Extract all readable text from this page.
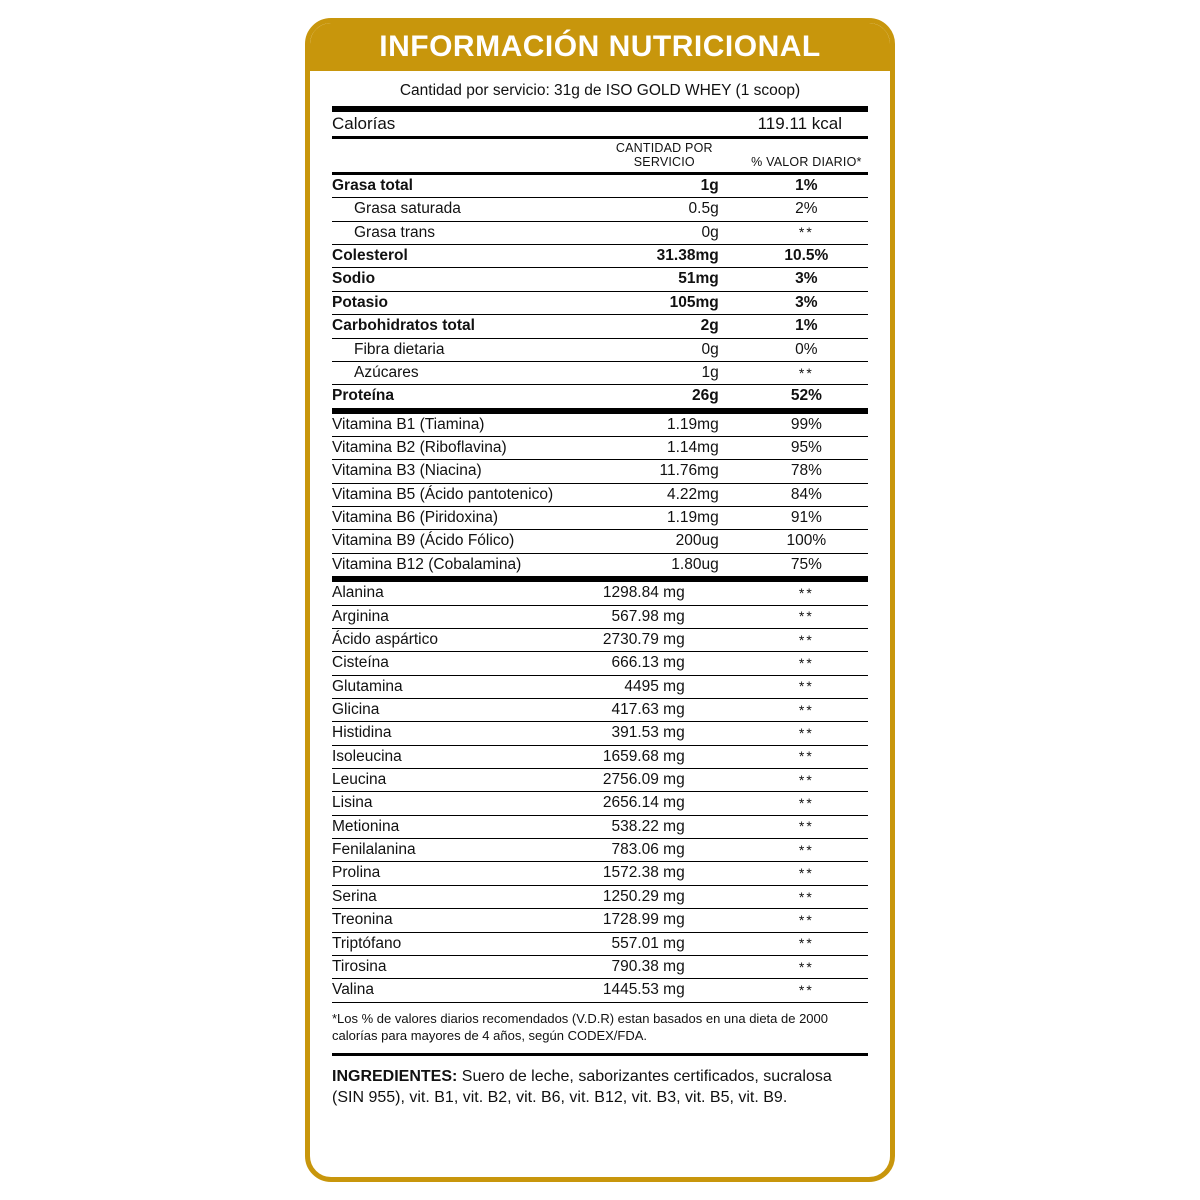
INFORMACIÓN NUTRICIONAL
Cantidad por servicio: 31g de ISO GOLD WHEY (1 scoop)
Calorías	119.11 kcal	
	CANTIDAD POR SERVICIO	% VALOR DIARIO*
Grasa total	1g	1%
Grasa saturada	0.5g	2%
Grasa trans	0g	**
Colesterol	31.38mg	10.5%
Sodio	51mg	3%
Potasio	105mg	3%
Carbohidratos total	2g	1%
Fibra dietaria	0g	0%
Azúcares	1g	**
Proteína	26g	52%
Vitamina B1 (Tiamina)	1.19mg	99%
Vitamina B2 (Riboflavina)	1.14mg	95%
Vitamina B3 (Niacina)	11.76mg	78%
Vitamina B5 (Ácido pantotenico)	4.22mg	84%
Vitamina B6 (Piridoxina)	1.19mg	91%
Vitamina B9 (Ácido Fólico)	200ug	100%
Vitamina B12 (Cobalamina)	1.80ug	75%
Alanina	1298.84 mg	**
Arginina	567.98 mg	**
Ácido aspártico	2730.79 mg	**
Cisteína	666.13 mg	**
Glutamina	4495 mg	**
Glicina	417.63 mg	**
Histidina	391.53 mg	**
Isoleucina	1659.68 mg	**
Leucina	2756.09 mg	**
Lisina	2656.14 mg	**
Metionina	538.22 mg	**
Fenilalanina	783.06 mg	**
Prolina	1572.38 mg	**
Serina	1250.29 mg	**
Treonina	1728.99 mg	**
Triptófano	557.01 mg	**
Tirosina	790.38 mg	**
Valina	1445.53 mg	**
*Los % de valores diarios recomendados (V.D.R) estan basados en una dieta de 2000 calorías para mayores de 4 años, según CODEX/FDA.
INGREDIENTES: Suero de leche, saborizantes certificados, sucralosa (SIN 955), vit. B1, vit. B2, vit. B6, vit. B12, vit. B3, vit. B5, vit. B9.
